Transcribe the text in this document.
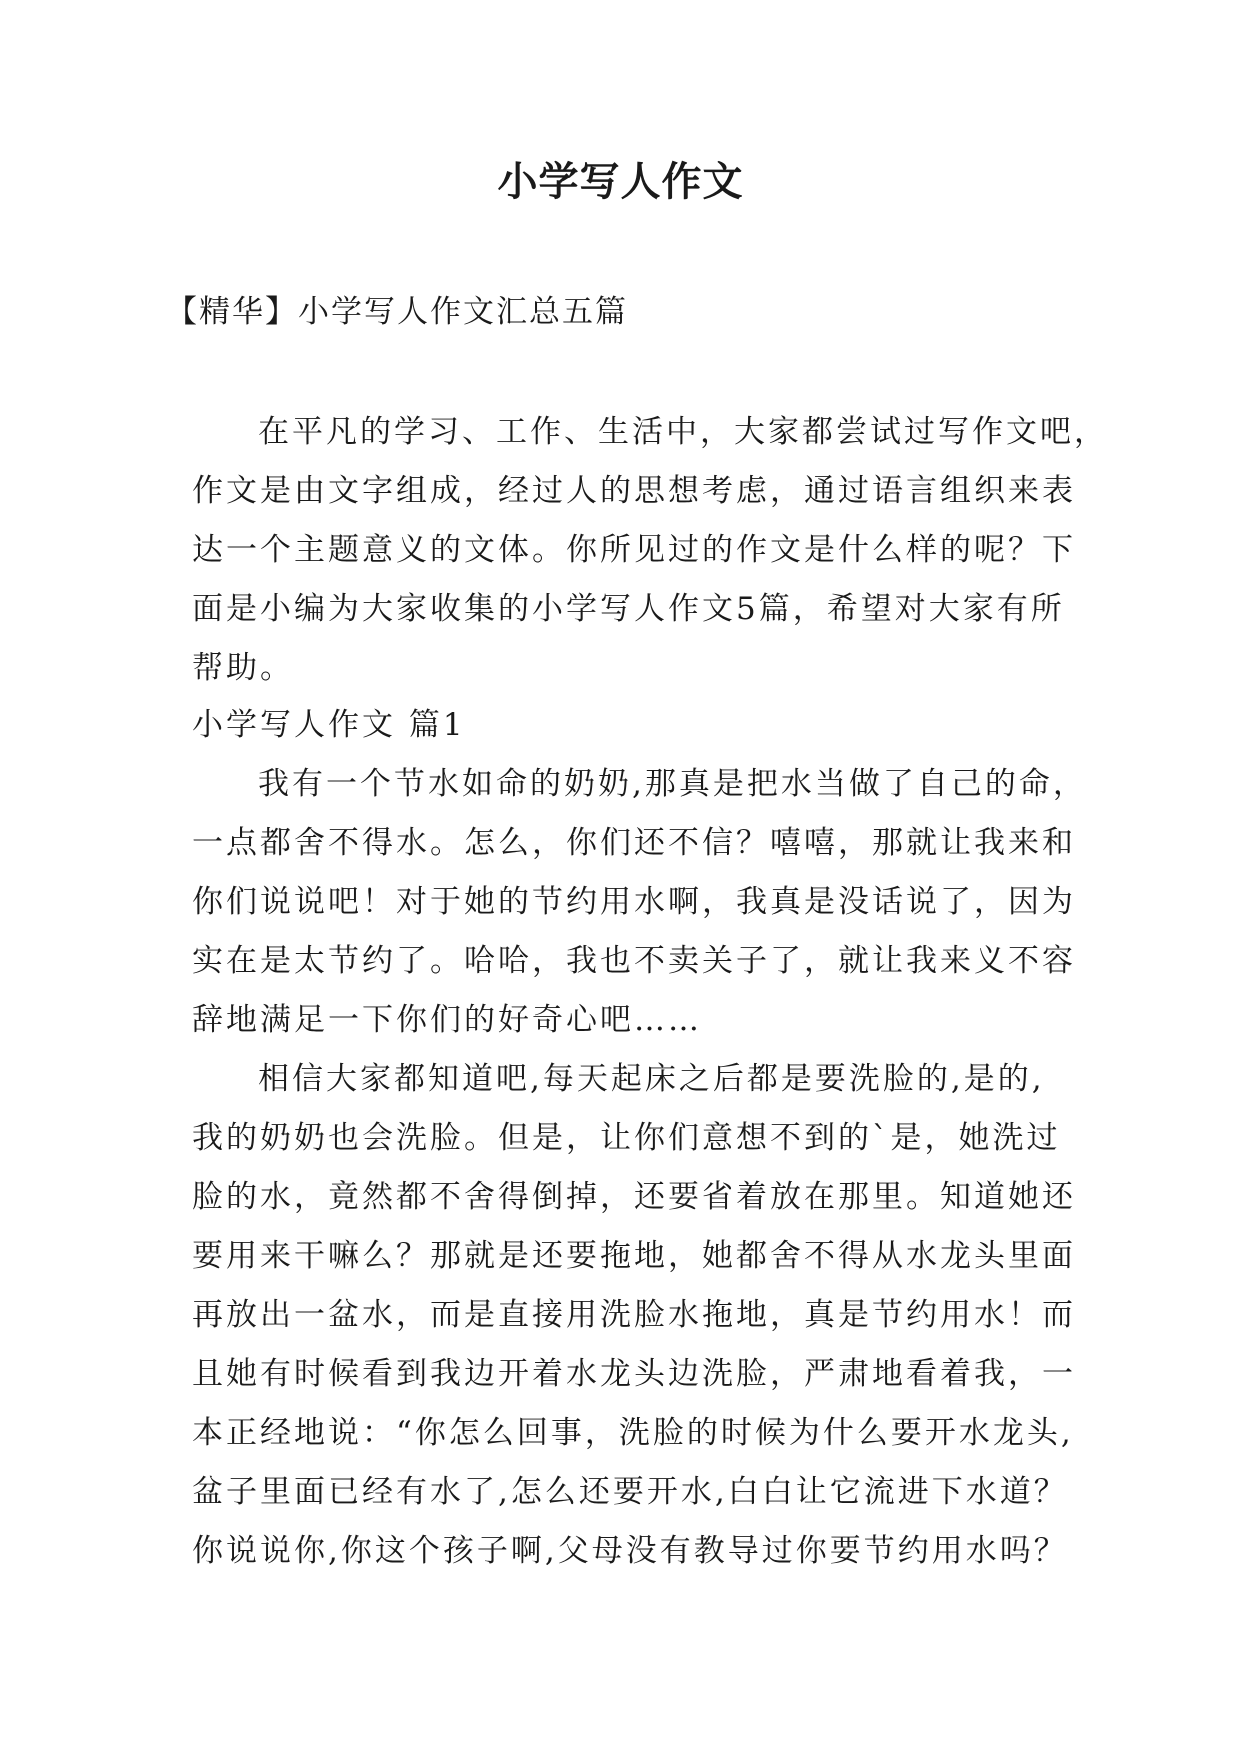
小学写人作文
【精华】小学写人作文汇总五篇
在平凡的学习、工作、生活中，大家都尝试过写作文吧，
作文是由文字组成，经过人的思想考虑，通过语言组织来表
达一个主题意义的文体。你所见过的作文是什么样的呢？下
面是小编为大家收集的小学写人作文5篇，希望对大家有所
帮助。
小学写人作文 篇1
我有一个节水如命的奶奶,那真是把水当做了自己的命，
一点都舍不得水。怎么，你们还不信？嘻嘻，那就让我来和
你们说说吧！对于她的节约用水啊，我真是没话说了，因为
实在是太节约了。哈哈，我也不卖关子了，就让我来义不容
辞地满足一下你们的好奇心吧……
相信大家都知道吧,每天起床之后都是要洗脸的,是的,
我的奶奶也会洗脸。但是，让你们意想不到的`是，她洗过
脸的水，竟然都不舍得倒掉，还要省着放在那里。知道她还
要用来干嘛么？那就是还要拖地，她都舍不得从水龙头里面
再放出一盆水，而是直接用洗脸水拖地，真是节约用水！而
且她有时候看到我边开着水龙头边洗脸，严肃地看着我，一
本正经地说：“你怎么回事，洗脸的时候为什么要开水龙头,
盆子里面已经有水了,怎么还要开水,白白让它流进下水道？
你说说你,你这个孩子啊,父母没有教导过你要节约用水吗？
